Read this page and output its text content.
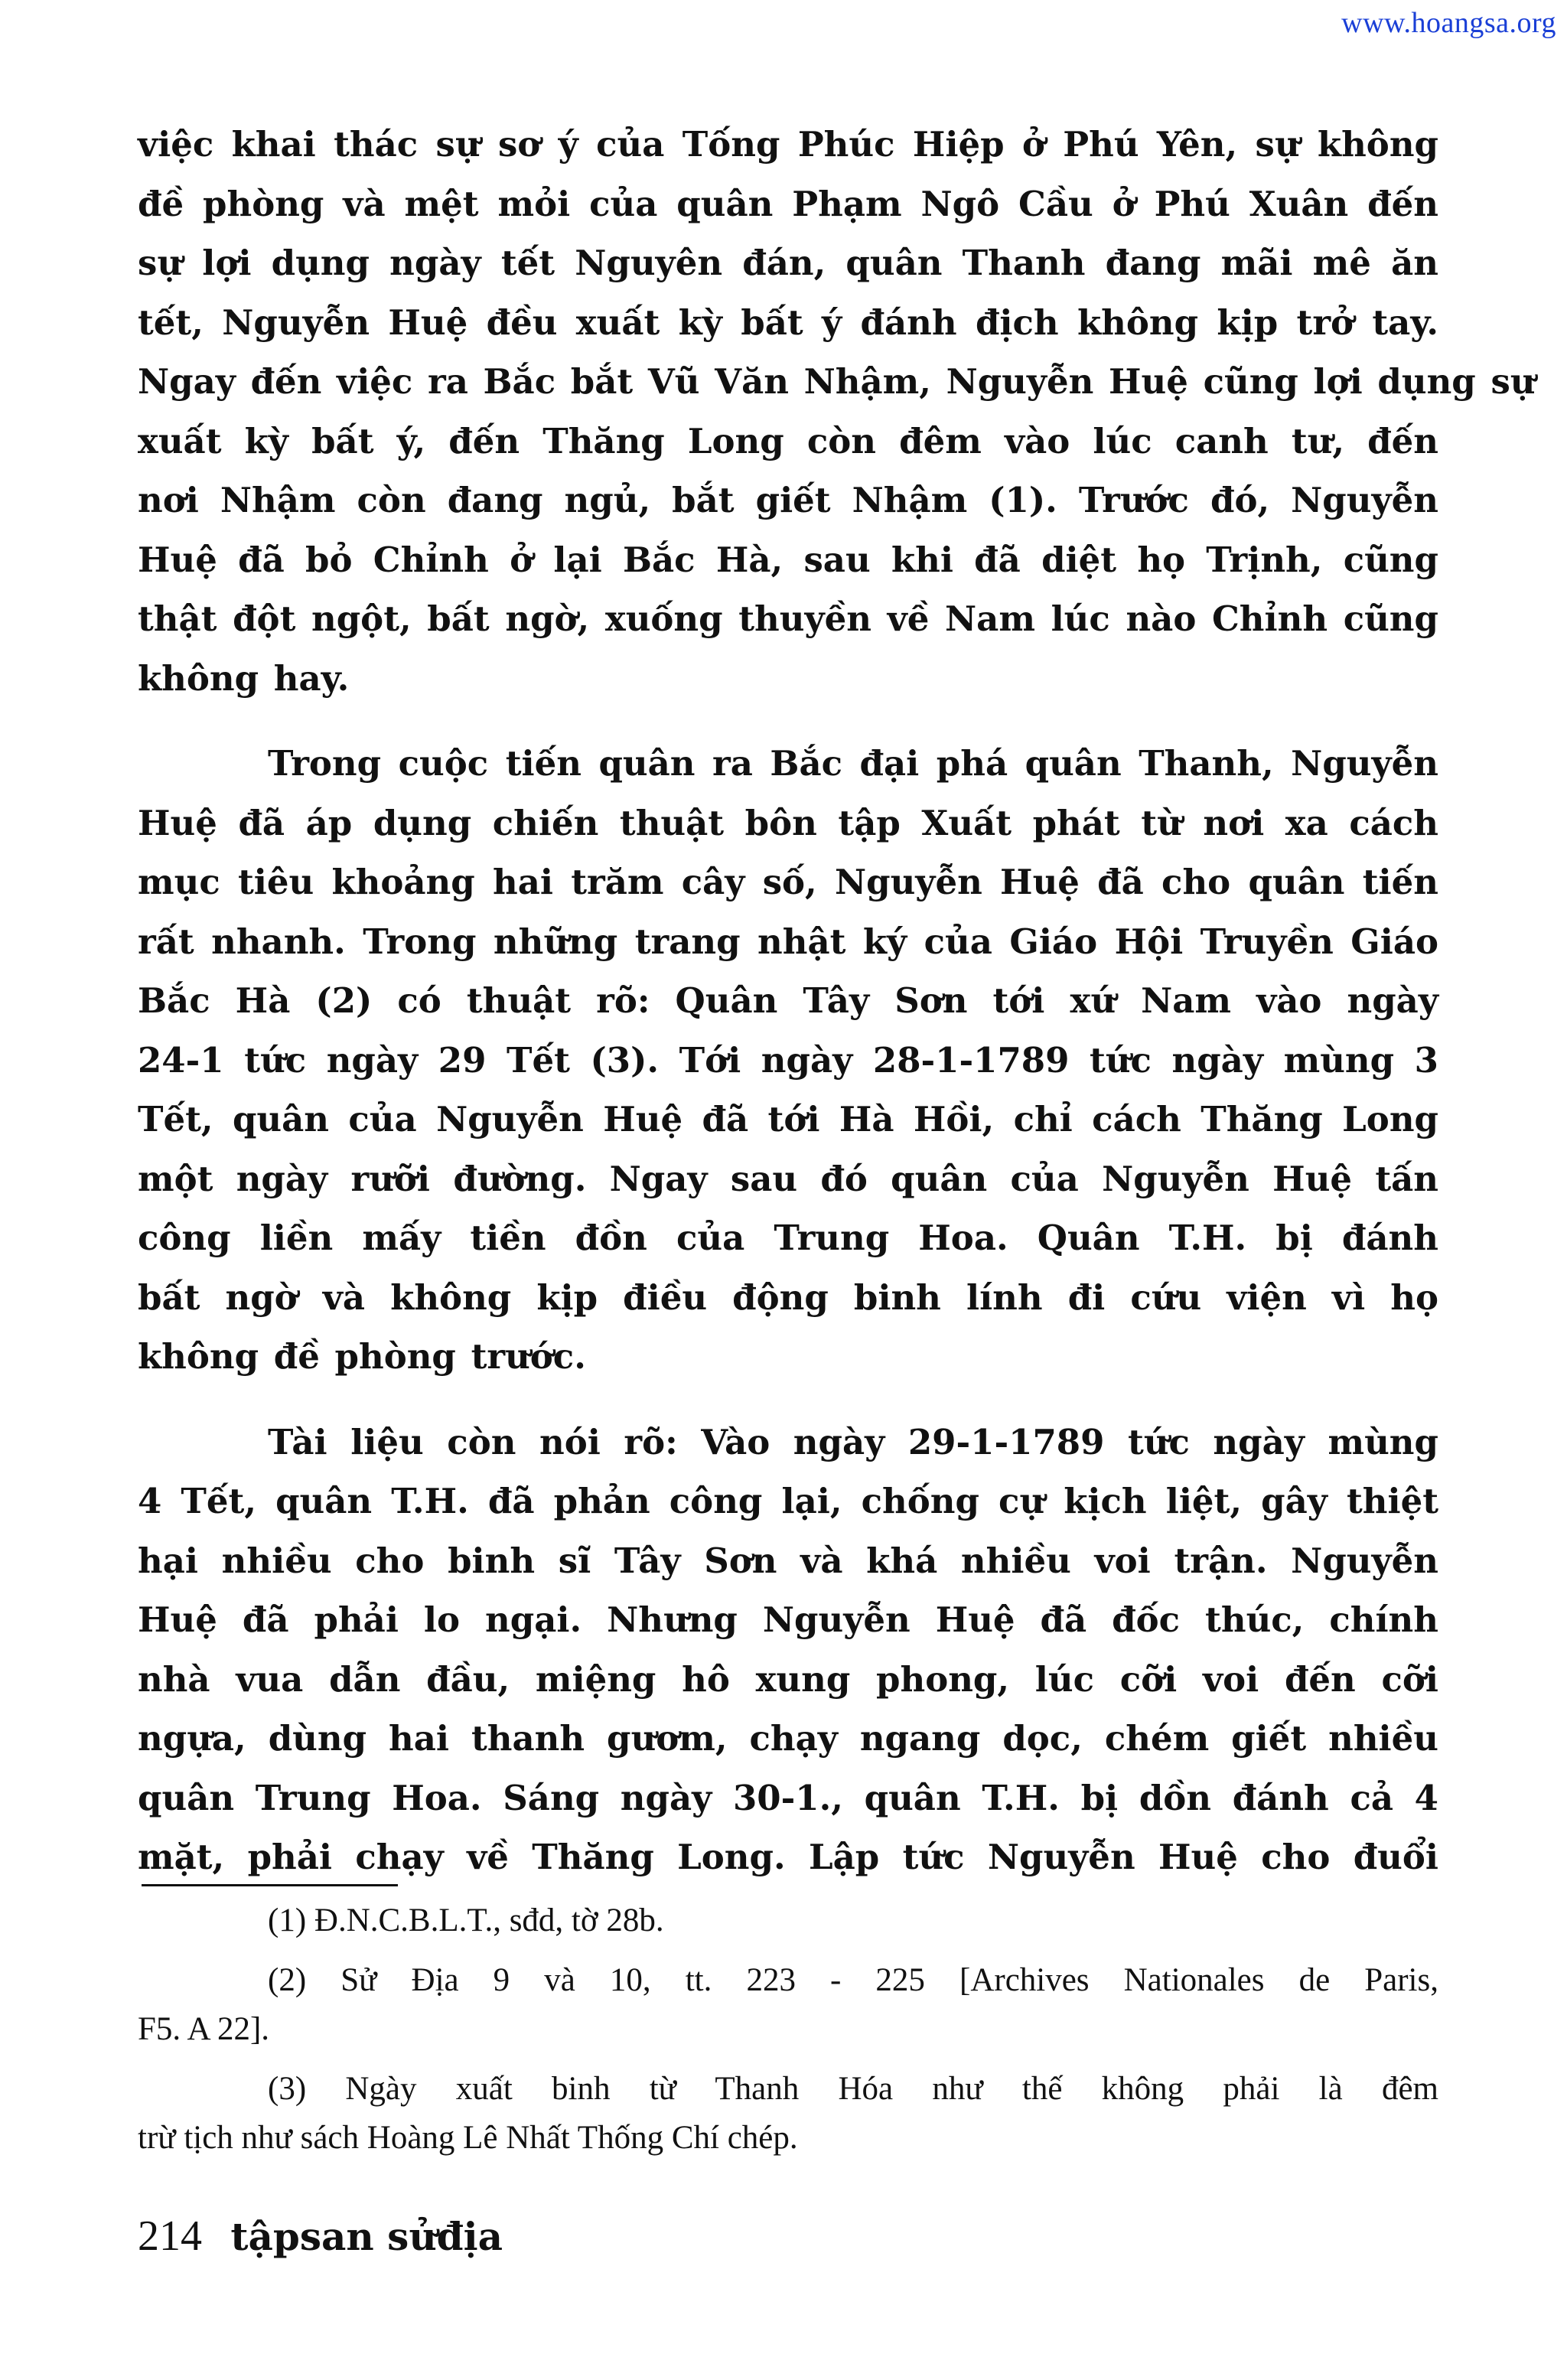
www.hoangsa.org
việc khai thác sự sơ ý của Tống Phúc Hiệp ở Phú Yên, sự không
đề phòng và mệt mỏi của quân Phạm Ngô Cầu ở Phú Xuân đến
sự lợi dụng ngày tết Nguyên đán, quân Thanh đang mãi mê ăn
tết, Nguyễn Huệ đều xuất kỳ bất ý đánh địch không kịp trở tay.
Ngay đến việc ra Bắc bắt Vũ Văn Nhậm, Nguyễn Huệ cũng lợi dụng sự
xuất kỳ bất ý, đến Thăng Long còn đêm vào lúc canh tư, đến
nơi Nhậm còn đang ngủ, bắt giết Nhậm (1). Trước đó, Nguyễn
Huệ đã bỏ Chỉnh ở lại Bắc Hà, sau khi đã diệt họ Trịnh, cũng
thật đột ngột, bất ngờ, xuống thuyền về Nam lúc nào Chỉnh cũng
không hay.
Trong cuộc tiến quân ra Bắc đại phá quân Thanh, Nguyễn
Huệ đã áp dụng chiến thuật bôn tập Xuất phát từ nơi xa cách
mục tiêu khoảng hai trăm cây số, Nguyễn Huệ đã cho quân tiến
rất nhanh. Trong những trang nhật ký của Giáo Hội Truyền Giáo
Bắc Hà (2) có thuật rõ: Quân Tây Sơn tới xứ Nam vào ngày
24-1 tức ngày 29 Tết (3). Tới ngày 28-1-1789 tức ngày mùng 3
Tết, quân của Nguyễn Huệ đã tới Hà Hồi, chỉ cách Thăng Long
một ngày rưỡi đường. Ngay sau đó quân của Nguyễn Huệ tấn
công liền mấy tiền đồn của Trung Hoa. Quân T.H. bị đánh
bất ngờ và không kịp điều động binh lính đi cứu viện vì họ
không đề phòng trước.
Tài liệu còn nói rõ: Vào ngày 29-1-1789 tức ngày mùng
4 Tết, quân T.H. đã phản công lại, chống cự kịch liệt, gây thiệt
hại nhiều cho binh sĩ Tây Sơn và khá nhiều voi trận. Nguyễn
Huệ đã phải lo ngại. Nhưng Nguyễn Huệ đã đốc thúc, chính
nhà vua dẫn đầu, miệng hô xung phong, lúc cỡi voi đến cỡi
ngựa, dùng hai thanh gươm, chạy ngang dọc, chém giết nhiều
quân Trung Hoa. Sáng ngày 30-1., quân T.H. bị dồn đánh cả 4
mặt, phải chạy về Thăng Long. Lập tức Nguyễn Huệ cho đuổi
(1) Đ.N.C.B.L.T., sđd, tờ 28b.
(2) Sử Địa 9 và 10, tt. 223 - 225 [Archives Nationales de Paris,
F5. A 22].
(3) Ngày xuất binh từ Thanh Hóa như thế không phải là đêm
trừ tịch như sách Hoàng Lê Nhất Thống Chí chép.
214 tậpsan sửđịa
